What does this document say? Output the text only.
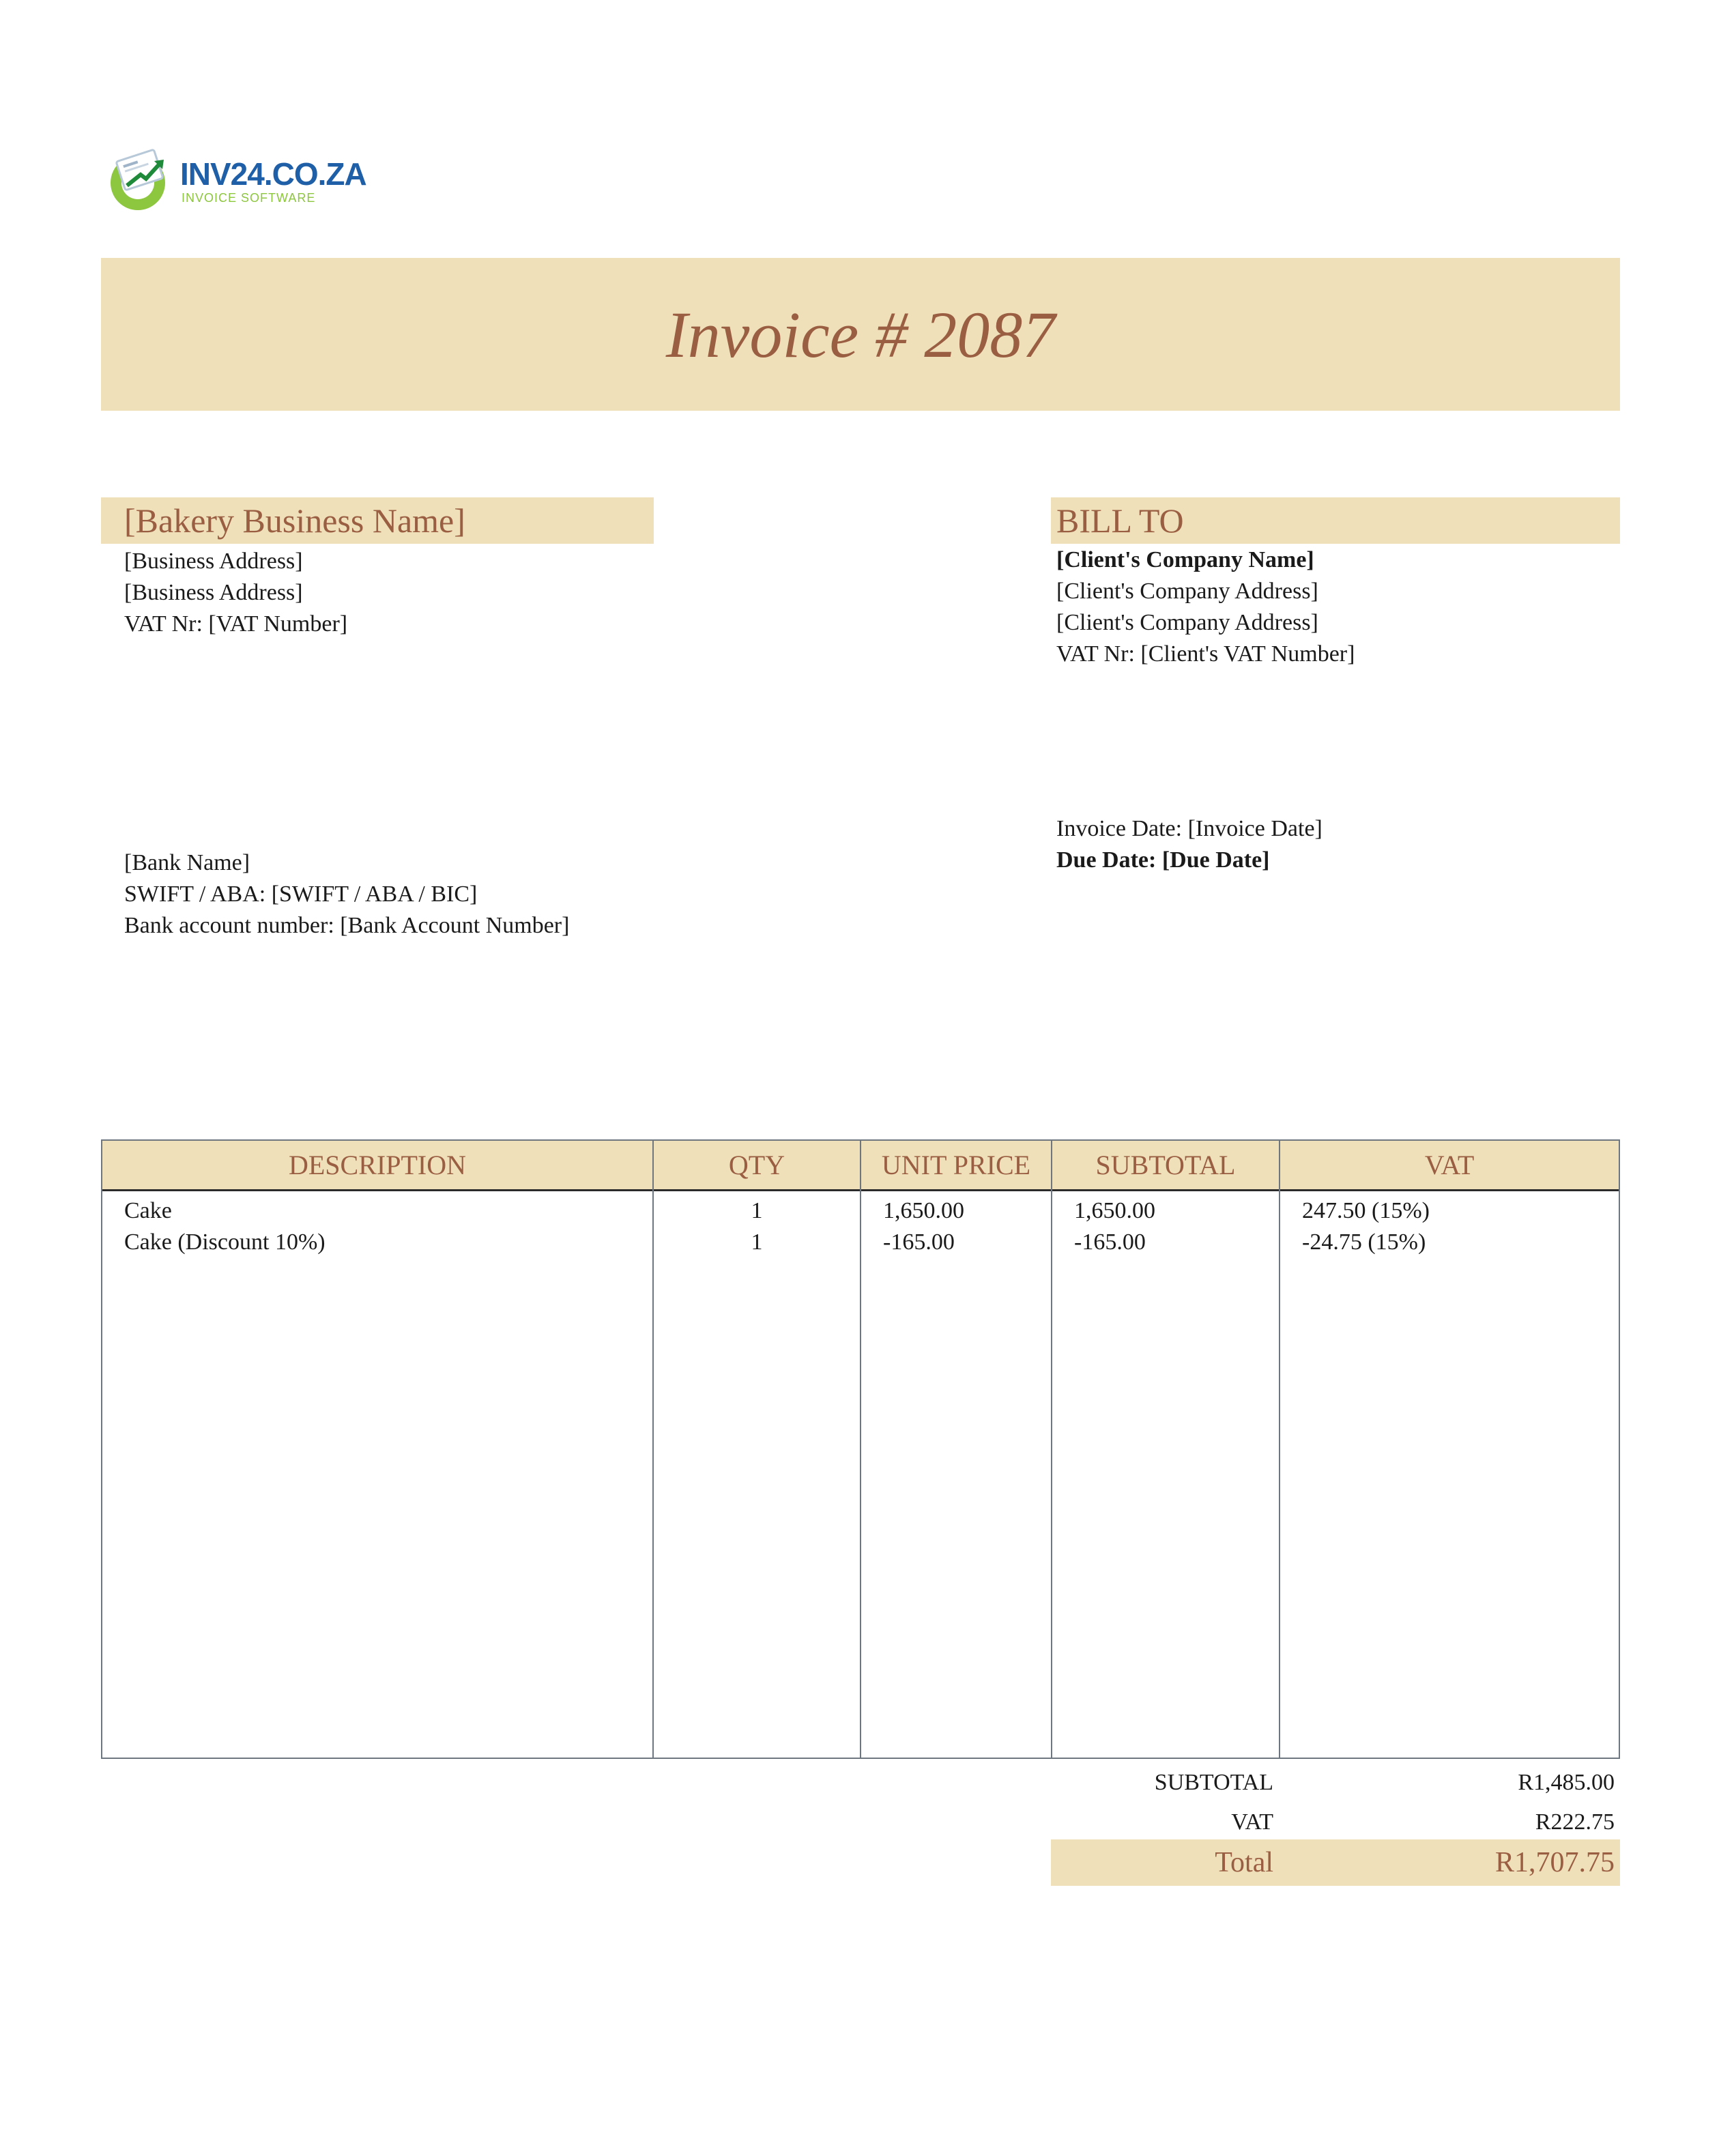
INV24.CO.ZA
INVOICE SOFTWARE
Invoice # 2087
[Bakery Business Name]
[Business Address]
[Business Address]
VAT Nr: [VAT Number]
BILL TO
[Client's Company Name]
[Client's Company Address]
[Client's Company Address]
VAT Nr: [Client's VAT Number]
[Bank Name]
SWIFT / ABA: [SWIFT / ABA / BIC]
Bank account number: [Bank Account Number]
Invoice Date: [Invoice Date]
Due Date: [Due Date]
DESCRIPTION	QTY	UNIT PRICE	SUBTOTAL	VAT
Cake	1	1,650.00	1,650.00	247.50 (15%)
Cake (Discount 10%)	1	-165.00	-165.00	-24.75 (15%)
SUBTOTAL	R1,485.00
VAT	R222.75
Total	R1,707.75
